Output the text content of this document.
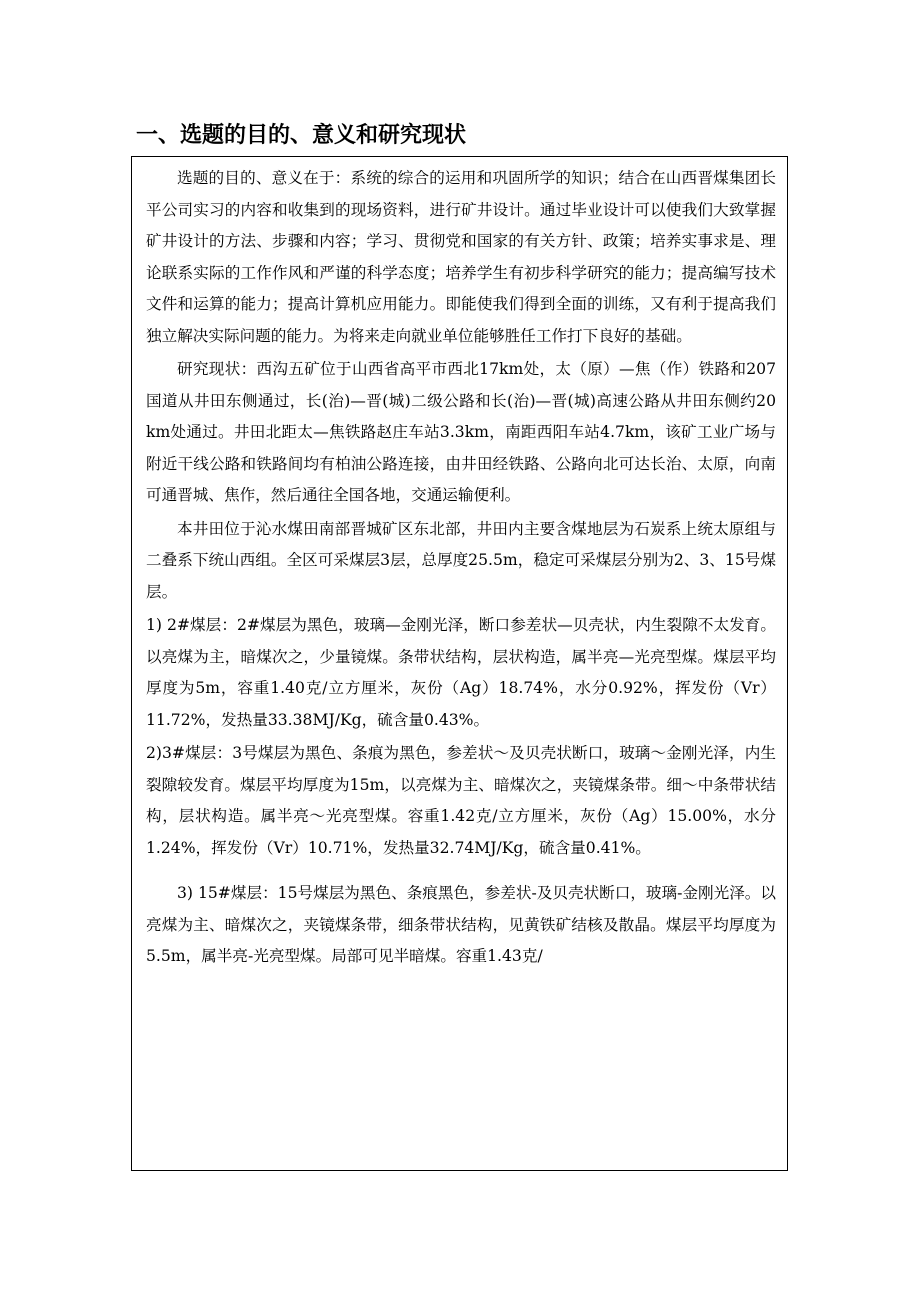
一、选题的目的、意义和研究现状

选题的目的、意义在于：系统的综合的运用和巩固所学的知识；结合在山西晋煤集团长平公司实习的内容和收集到的现场资料，进行矿井设计。通过毕业设计可以使我们大致掌握矿井设计的方法、步骤和内容；学习、贯彻党和国家的有关方针、政策；培养实事求是、理论联系实际的工作作风和严谨的科学态度；培养学生有初步科学研究的能力；提高编写技术文件和运算的能力；提高计算机应用能力。即能使我们得到全面的训练，又有利于提高我们独立解决实际问题的能力。为将来走向就业单位能够胜任工作打下良好的基础。

研究现状：西沟五矿位于山西省高平市西北17km处，太（原）—焦（作）铁路和207国道从井田东侧通过，长(治)—晋(城)二级公路和长(治)—晋(城)高速公路从井田东侧约20 km处通过。井田北距太—焦铁路赵庄车站3.3km，南距西阳车站4.7km，该矿工业广场与附近干线公路和铁路间均有柏油公路连接，由井田经铁路、公路向北可达长治、太原，向南可通晋城、焦作，然后通往全国各地，交通运输便利。

本井田位于沁水煤田南部晋城矿区东北部，井田内主要含煤地层为石炭系上统太原组与二叠系下统山西组。全区可采煤层3层，总厚度25.5m，稳定可采煤层分别为2、3、15号煤层。

1) 2#煤层：2#煤层为黑色，玻璃—金刚光泽，断口参差状—贝壳状，内生裂隙不太发育。以亮煤为主，暗煤次之，少量镜煤。条带状结构，层状构造，属半亮—光亮型煤。煤层平均厚度为5m，容重1.40克/立方厘米，灰份（Ag）18.74%，水分0.92%，挥发份（Vr）11.72%，发热量33.38MJ/Kg，硫含量0.43%。

2)3#煤层：3号煤层为黑色、条痕为黑色，参差状～及贝壳状断口，玻璃～金刚光泽，内生裂隙较发育。煤层平均厚度为15m，以亮煤为主、暗煤次之，夹镜煤条带。细～中条带状结构，层状构造。属半亮～光亮型煤。容重1.42克/立方厘米，灰份（Ag）15.00%，水分1.24%，挥发份（Vr）10.71%，发热量32.74MJ/Kg，硫含量0.41%。

3) 15#煤层：15号煤层为黑色、条痕黑色，参差状-及贝壳状断口，玻璃-金刚光泽。以亮煤为主、暗煤次之，夹镜煤条带，细条带状结构，见黄铁矿结核及散晶。煤层平均厚度为5.5m，属半亮-光亮型煤。局部可见半暗煤。容重1.43克/
